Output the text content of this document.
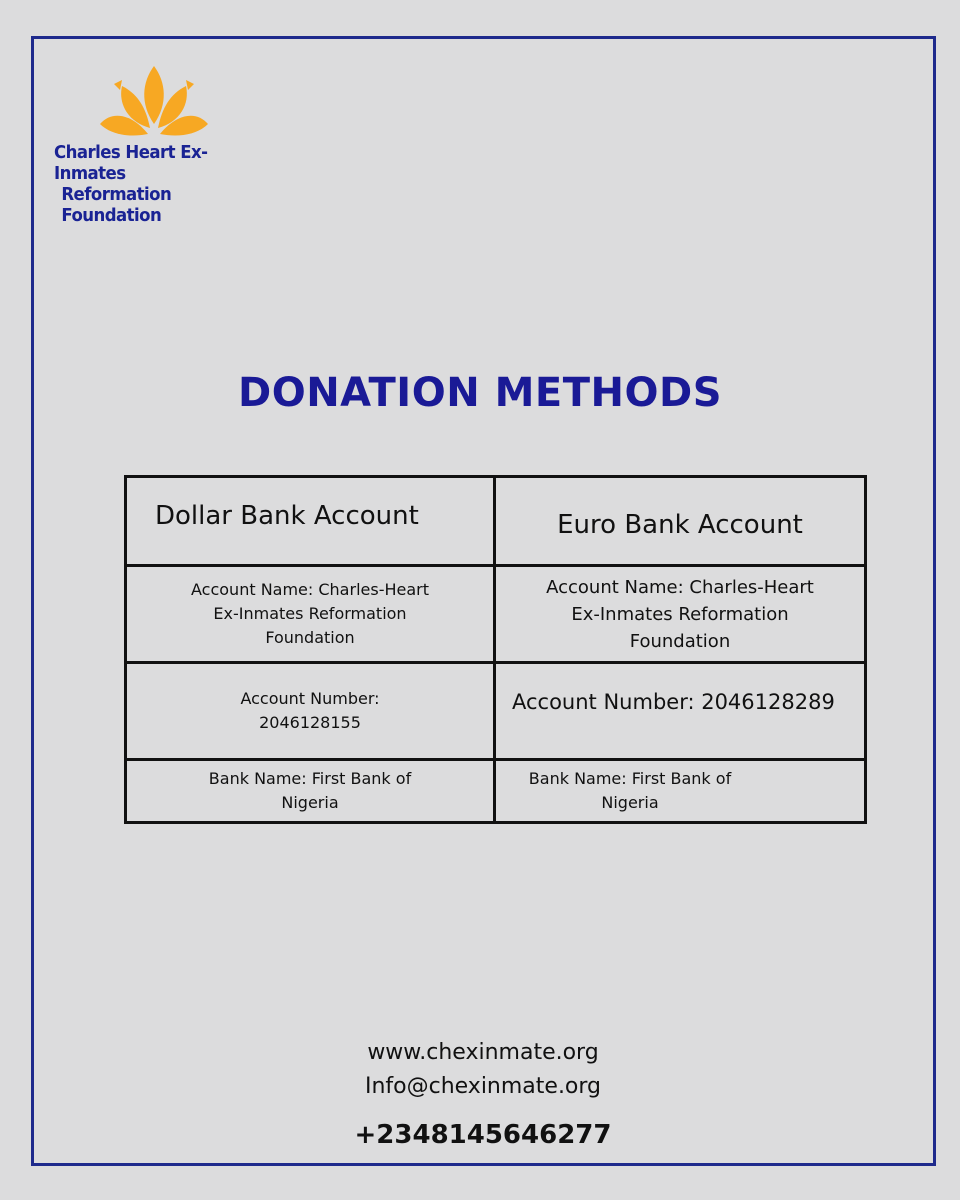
Charles Heart Ex-Inmates
Reformation Foundation
DONATION METHODS
Dollar Bank Account	Euro Bank Account
Account Name: Charles-Heart Ex-Inmates Reformation Foundation	Account Name: Charles-Heart Ex-Inmates Reformation Foundation
Account Number: 2046128155	Account Number: 2046128289
Bank Name: First Bank of Nigeria	Bank Name: First Bank of Nigeria
www.chexinmate.org
Info@chexinmate.org
+2348145646277
